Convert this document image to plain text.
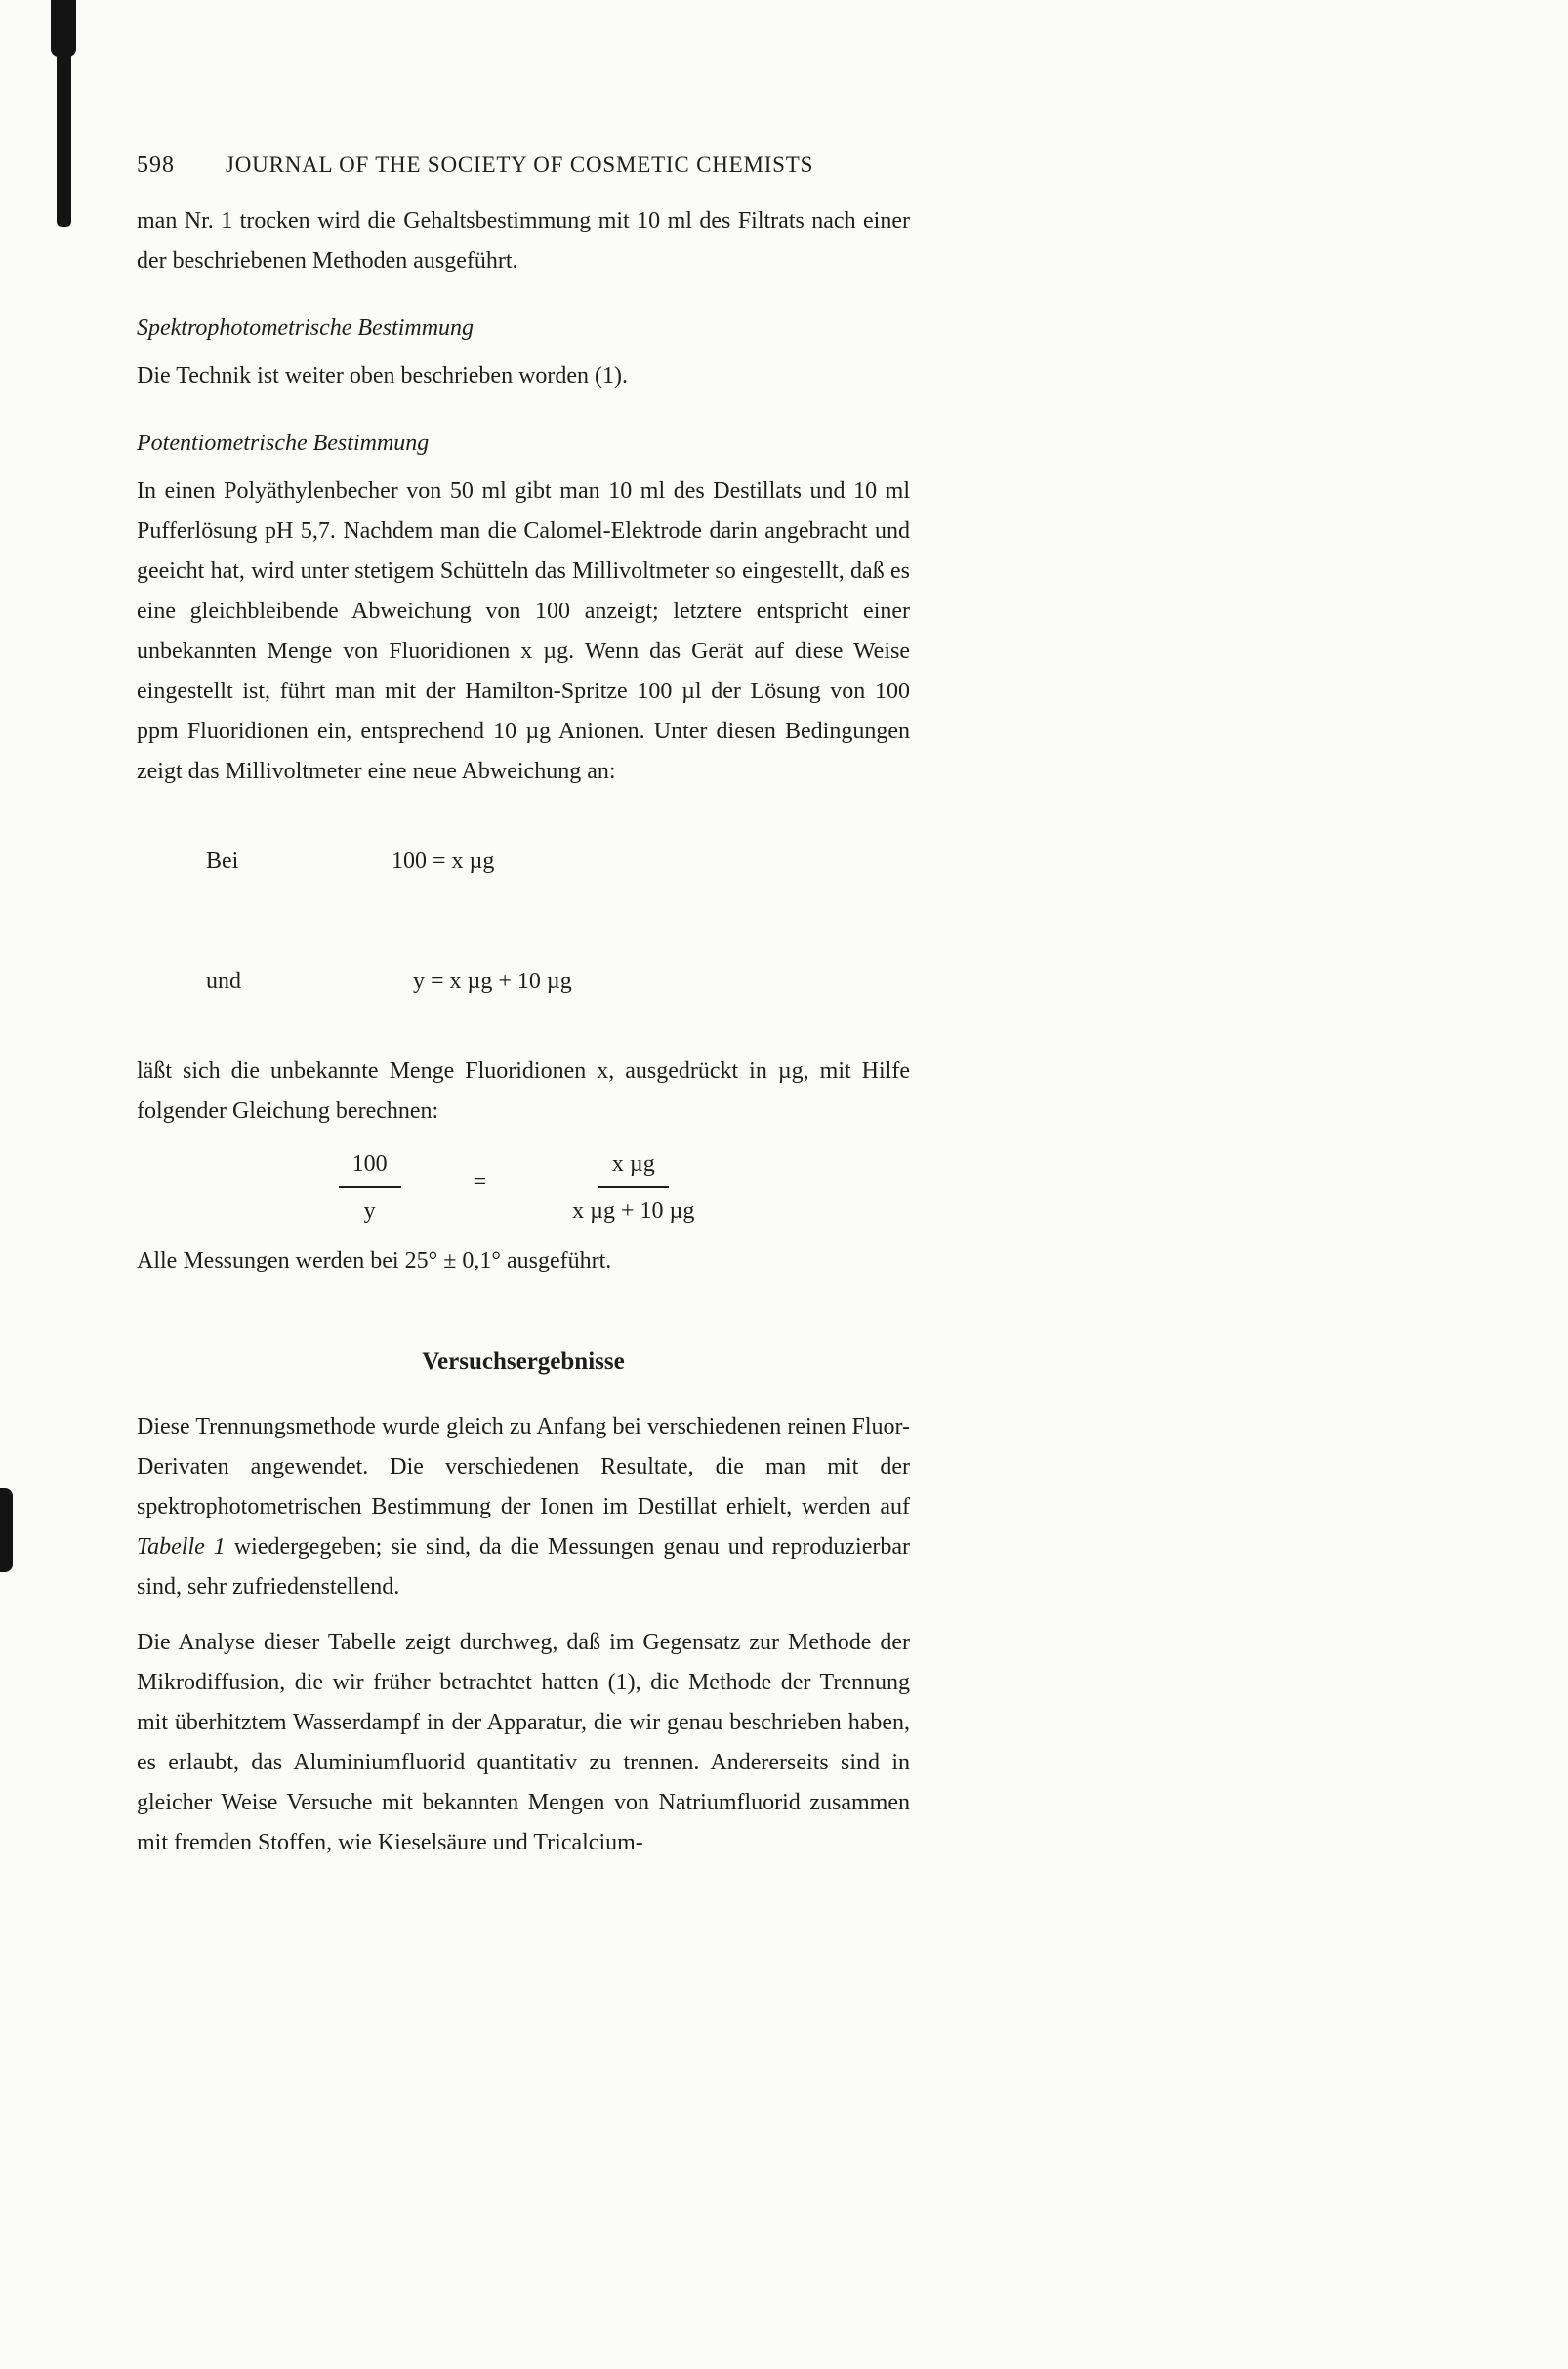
598 JOURNAL OF THE SOCIETY OF COSMETIC CHEMISTS

man Nr. 1 trocken wird die Gehaltsbestimmung mit 10 ml des Filtrats nach einer der beschriebenen Methoden ausgeführt.

Spektrophotometrische Bestimmung

Die Technik ist weiter oben beschrieben worden (1).

Potentiometrische Bestimmung

In einen Polyäthylenbecher von 50 ml gibt man 10 ml des Destillats und 10 ml Pufferlösung pH 5,7. Nachdem man die Calomel-Elektrode darin angebracht und geeicht hat, wird unter stetigem Schütteln das Millivoltmeter so eingestellt, daß es eine gleichbleibende Abweichung von 100 anzeigt; letztere entspricht einer unbekannten Menge von Fluoridionen x µg. Wenn das Gerät auf diese Weise eingestellt ist, führt man mit der Hamilton-Spritze 100 µl der Lösung von 100 ppm Fluoridionen ein, entsprechend 10 µg Anionen. Unter diesen Bedingungen zeigt das Millivoltmeter eine neue Abweichung an:

Bei	100 = x µg

und	y = x µg + 10 µg

läßt sich die unbekannte Menge Fluoridionen x, ausgedrückt in µg, mit Hilfe folgender Gleichung berechnen:

$\frac{100}{y}$	=	$\frac{\text{x µg}}{\text{x µg + 10 µg}}$

Alle Messungen werden bei 25° ± 0,1° ausgeführt.

Versuchsergebnisse

Diese Trennungsmethode wurde gleich zu Anfang bei verschiedenen reinen Fluor-Derivaten angewendet. Die verschiedenen Resultate, die man mit der spektrophotometrischen Bestimmung der Ionen im Destillat erhielt, werden auf Tabelle 1 wiedergegeben; sie sind, da die Messungen genau und reproduzierbar sind, sehr zufriedenstellend.

Die Analyse dieser Tabelle zeigt durchweg, daß im Gegensatz zur Methode der Mikrodiffusion, die wir früher betrachtet hatten (1), die Methode der Trennung mit überhitztem Wasserdampf in der Apparatur, die wir genau beschrieben haben, es erlaubt, das Aluminiumfluorid quantitativ zu trennen. Andererseits sind in gleicher Weise Versuche mit bekannten Mengen von Natriumfluorid zusammen mit fremden Stoffen, wie Kieselsäure und Tricalcium-
